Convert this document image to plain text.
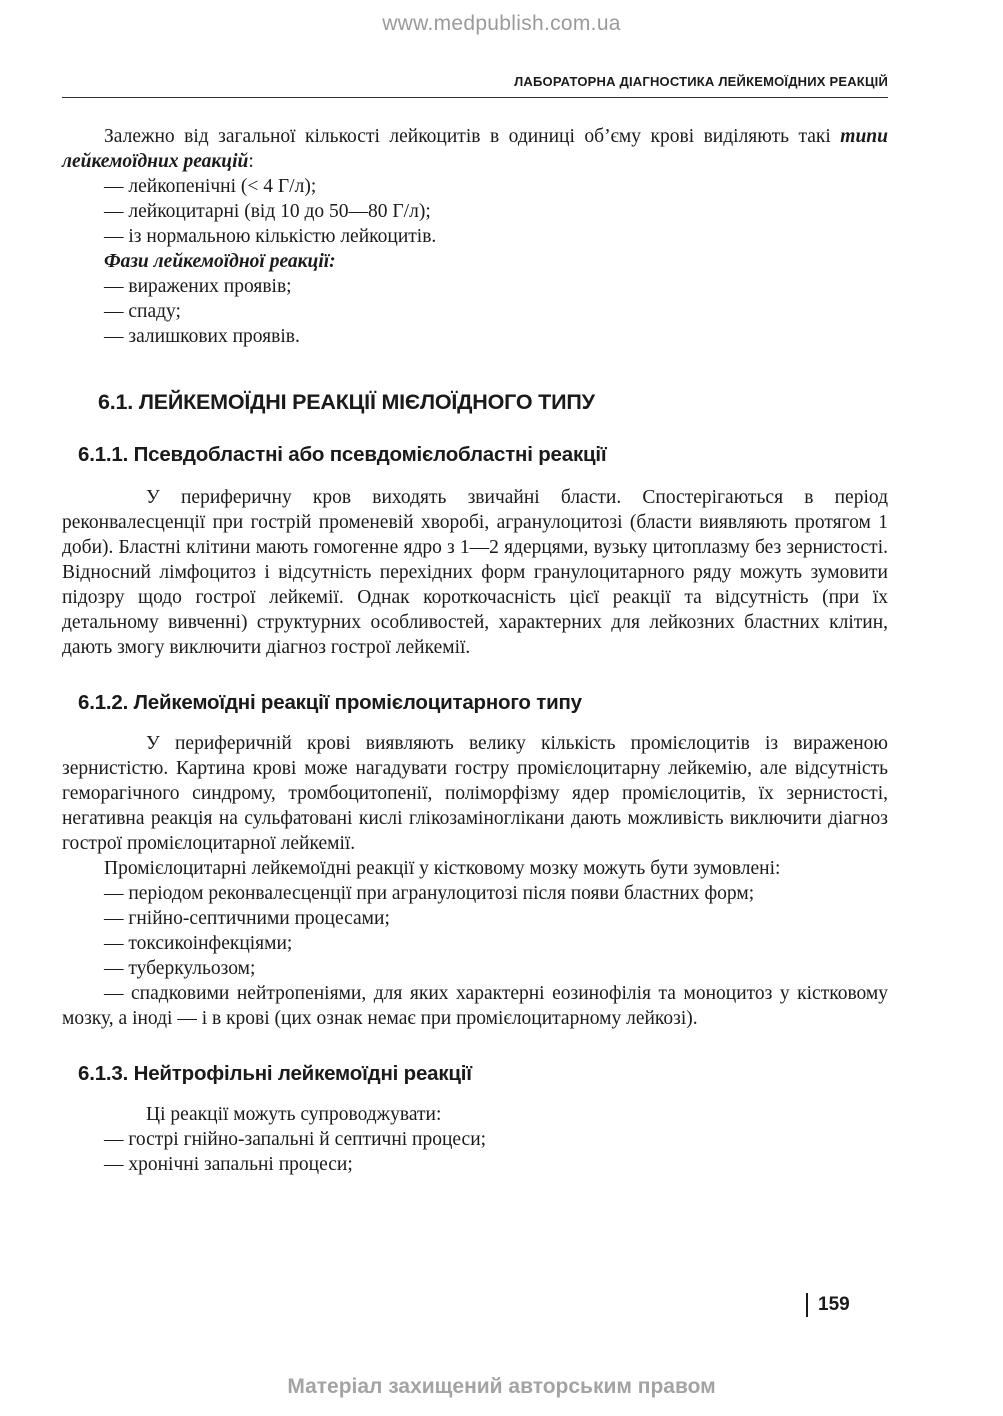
www.medpublish.com.ua
ЛАБОРАТОРНА ДІАГНОСТИКА ЛЕЙКЕМОЇДНИХ РЕАКЦІЙ

Залежно від загальної кількості лейкоцитів в одиниці об’єму крові виділяють такі типи лейкемоїдних реакцій:

— лейкопенічні (< 4 Г/л);

— лейкоцитарні (від 10 до 50—80 Г/л);

— із нормальною кількістю лейкоцитів.

Фази лейкемоїдної реакції:

— виражених проявів;

— спаду;

— залишкових проявів.

6.1. ЛЕЙКЕМОЇДНІ РЕАКЦІЇ МІЄЛОЇДНОГО ТИПУ
6.1.1. Псевдобластні або псевдомієлобластні реакції

У периферичну кров виходять звичайні бласти. Спостерігаються в період реконвалесценції при гострій променевій хворобі, агранулоцитозі (бласти виявляють протягом 1 доби). Бластні клітини мають гомогенне ядро з 1—2 ядерцями, вузьку цитоплазму без зернистості. Відносний лімфоцитоз і відсутність перехідних форм гранулоцитарного ряду можуть зумовити підозру щодо гострої лейкемії. Однак короткочасність цієї реакції та відсутність (при їх детальному вивченні) структурних особливостей, характерних для лейкозних бластних клітин, дають змогу виключити діагноз гострої лейкемії.

6.1.2. Лейкемоїдні реакції промієлоцитарного типу

У периферичній крові виявляють велику кількість промієлоцитів із вираженою зернистістю. Картина крові може нагадувати гостру промієлоцитарну лейкемію, але відсутність геморагічного синдрому, тромбоцитопенії, поліморфізму ядер промієлоцитів, їх зернистості, негативна реакція на сульфатовані кислі глікозаміноглікани дають можливість виключити діагноз гострої промієлоцитарної лейкемії.

Промієлоцитарні лейкемоїдні реакції у кістковому мозку можуть бути зумовлені:

— періодом реконвалесценції при агранулоцитозі після появи бластних форм;

— гнійно-септичними процесами;

— токсикоінфекціями;

— туберкульозом;

— спадковими нейтропеніями, для яких характерні еозинофілія та моноцитоз у кістковому мозку, а іноді — і в крові (цих ознак немає при промієлоцитарному лейкозі).

6.1.3. Нейтрофільні лейкемоїдні реакції

Ці реакції можуть супроводжувати:

— гострі гнійно-запальні й септичні процеси;

— хронічні запальні процеси;

159
Матеріал захищений авторським правом
